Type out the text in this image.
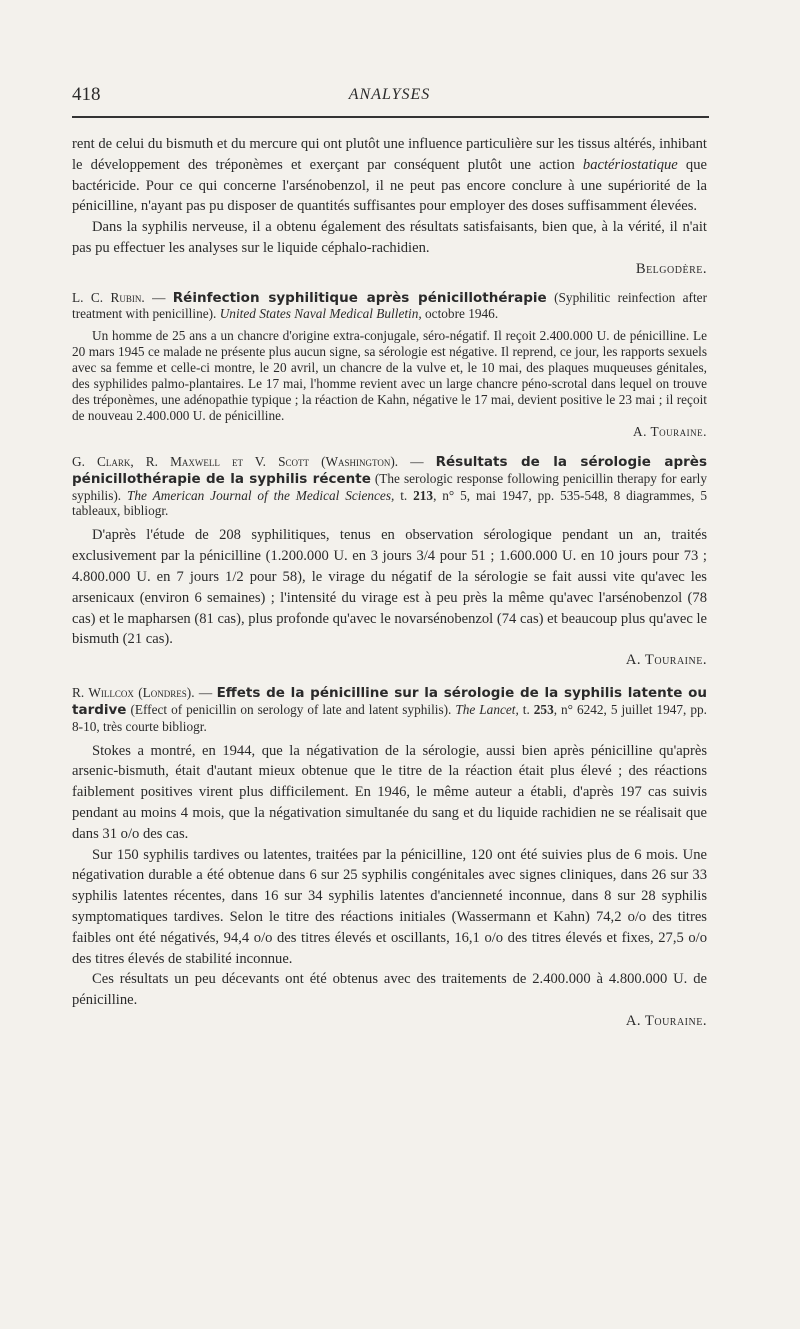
418	ANALYSES

rent de celui du bismuth et du mercure qui ont plutôt une influence particulière sur les tissus altérés, inhibant le développement des tréponèmes et exerçant par conséquent plutôt une action bactériostatique que bactéricide. Pour ce qui concerne l'arsénobenzol, il ne peut pas encore conclure à une supériorité de la pénicilline, n'ayant pas pu disposer de quantités suffisantes pour employer des doses suffisamment élevées.

Dans la syphilis nerveuse, il a obtenu également des résultats satisfaisants, bien que, à la vérité, il n'ait pas pu effectuer les analyses sur le liquide céphalo-rachidien.

Belgodère.

L. C. Rubin. — Réinfection syphilitique après pénicillothérapie (Syphilitic reinfection after treatment with penicilline). United States Naval Medical Bulletin, octobre 1946.

Un homme de 25 ans a un chancre d'origine extra-conjugale, séro-négatif. Il reçoit 2.400.000 U. de pénicilline. Le 20 mars 1945 ce malade ne présente plus aucun signe, sa sérologie est négative. Il reprend, ce jour, les rapports sexuels avec sa femme et celle-ci montre, le 20 avril, un chancre de la vulve et, le 10 mai, des plaques muqueuses génitales, des syphilides palmo-plantaires. Le 17 mai, l'homme revient avec un large chancre péno-scrotal dans lequel on trouve des tréponèmes, une adénopathie typique ; la réaction de Kahn, négative le 17 mai, devient positive le 23 mai ; il reçoit de nouveau 2.400.000 U. de pénicilline.

A. Touraine.

G. Clark, R. Maxwell et V. Scott (Washington). — Résultats de la sérologie après pénicillothérapie de la syphilis récente (The serologic response following penicillin therapy for early syphilis). The American Journal of the Medical Sciences, t. 213, n° 5, mai 1947, pp. 535-548, 8 diagrammes, 5 tableaux, bibliogr.

D'après l'étude de 208 syphilitiques, tenus en observation sérologique pendant un an, traités exclusivement par la pénicilline (1.200.000 U. en 3 jours 3/4 pour 51 ; 1.600.000 U. en 10 jours pour 73 ; 4.800.000 U. en 7 jours 1/2 pour 58), le virage du négatif de la sérologie se fait aussi vite qu'avec les arsenicaux (environ 6 semaines) ; l'intensité du virage est à peu près la même qu'avec l'arsénobenzol (78 cas) et le mapharsen (81 cas), plus profonde qu'avec le novarsénobenzol (74 cas) et beaucoup plus qu'avec le bismuth (21 cas).

A. Touraine.

R. Willcox (Londres). — Effets de la pénicilline sur la sérologie de la syphilis latente ou tardive (Effect of penicillin on serology of late and latent syphilis). The Lancet, t. 253, n° 6242, 5 juillet 1947, pp. 8-10, très courte bibliogr.

Stokes a montré, en 1944, que la négativation de la sérologie, aussi bien après pénicilline qu'après arsenic-bismuth, était d'autant mieux obtenue que le titre de la réaction était plus élevé ; des réactions faiblement positives virent plus difficilement. En 1946, le même auteur a établi, d'après 197 cas suivis pendant au moins 4 mois, que la négativation simultanée du sang et du liquide rachidien ne se réalisait que dans 31 o/o des cas.

Sur 150 syphilis tardives ou latentes, traitées par la pénicilline, 120 ont été suivies plus de 6 mois. Une négativation durable a été obtenue dans 6 sur 25 syphilis congénitales avec signes cliniques, dans 26 sur 33 syphilis latentes récentes, dans 16 sur 34 syphilis latentes d'ancienneté inconnue, dans 8 sur 28 syphilis symptomatiques tardives. Selon le titre des réactions initiales (Wassermann et Kahn) 74,2 o/o des titres faibles ont été négativés, 94,4 o/o des titres élevés et oscillants, 16,1 o/o des titres élevés et fixes, 27,5 o/o des titres élevés de stabilité inconnue.

Ces résultats un peu décevants ont été obtenus avec des traitements de 2.400.000 à 4.800.000 U. de pénicilline.

A. Touraine.
